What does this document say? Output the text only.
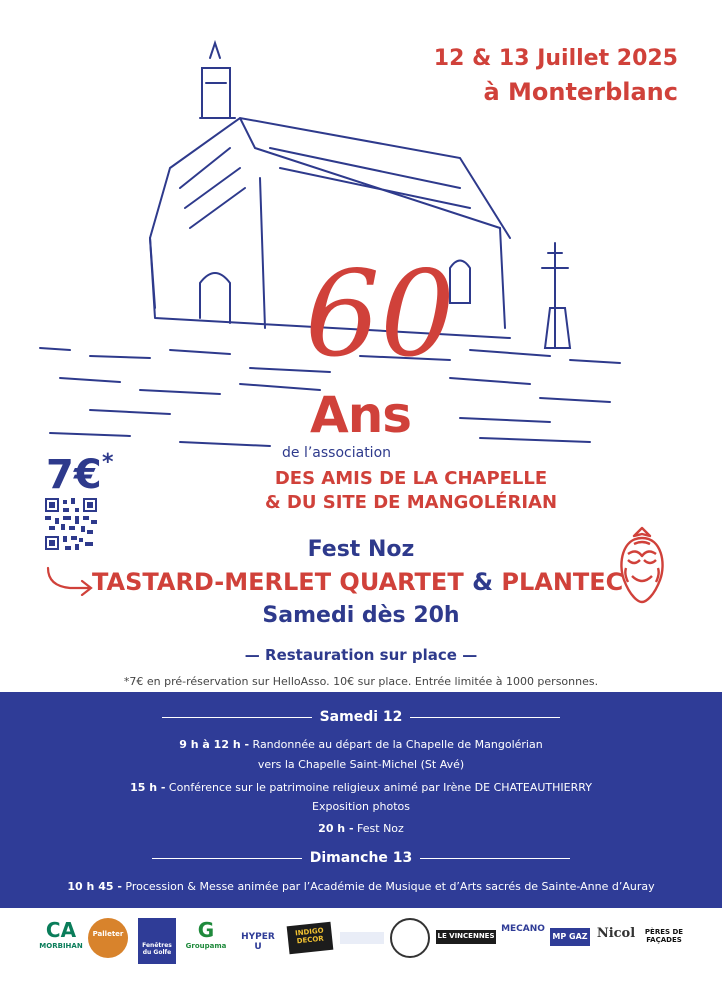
12 & 13 Juillet 2025
à Monterblanc
60
Ans
de l’association
DES AMIS DE LA CHAPELLE
& DU SITE DE MANGOLÉRIAN
7€ *
Fest Noz
TASTARD-MERLET QUARTET & PLANTEC
Samedi dès 20h
— Restauration sur place —
*7€ en pré-réservation sur HelloAsso. 10€ sur place. Entrée limitée à 1000 personnes.
Samedi 12
9 h à 12 h - Randonnée au départ de la Chapelle de Mangolérian
vers la Chapelle Saint-Michel (St Avé)
15 h - Conférence sur le patrimoine religieux animé par Irène DE CHATEAUTHIERRY
Exposition photos
20 h - Fest Noz
Dimanche 13
10 h 45 - Procession & Messe animée par l’Académie de Musique et d’Arts sacrés de Sainte-Anne d’Auray
CA
MORBIHAN
Palleter
Fenêtres du Golfe
G
Groupama
HYPER U
INDIGO DECOR	LE VINCENNES
MECANO
MP GAZ Nicol	PÈRES DE FAÇADES
